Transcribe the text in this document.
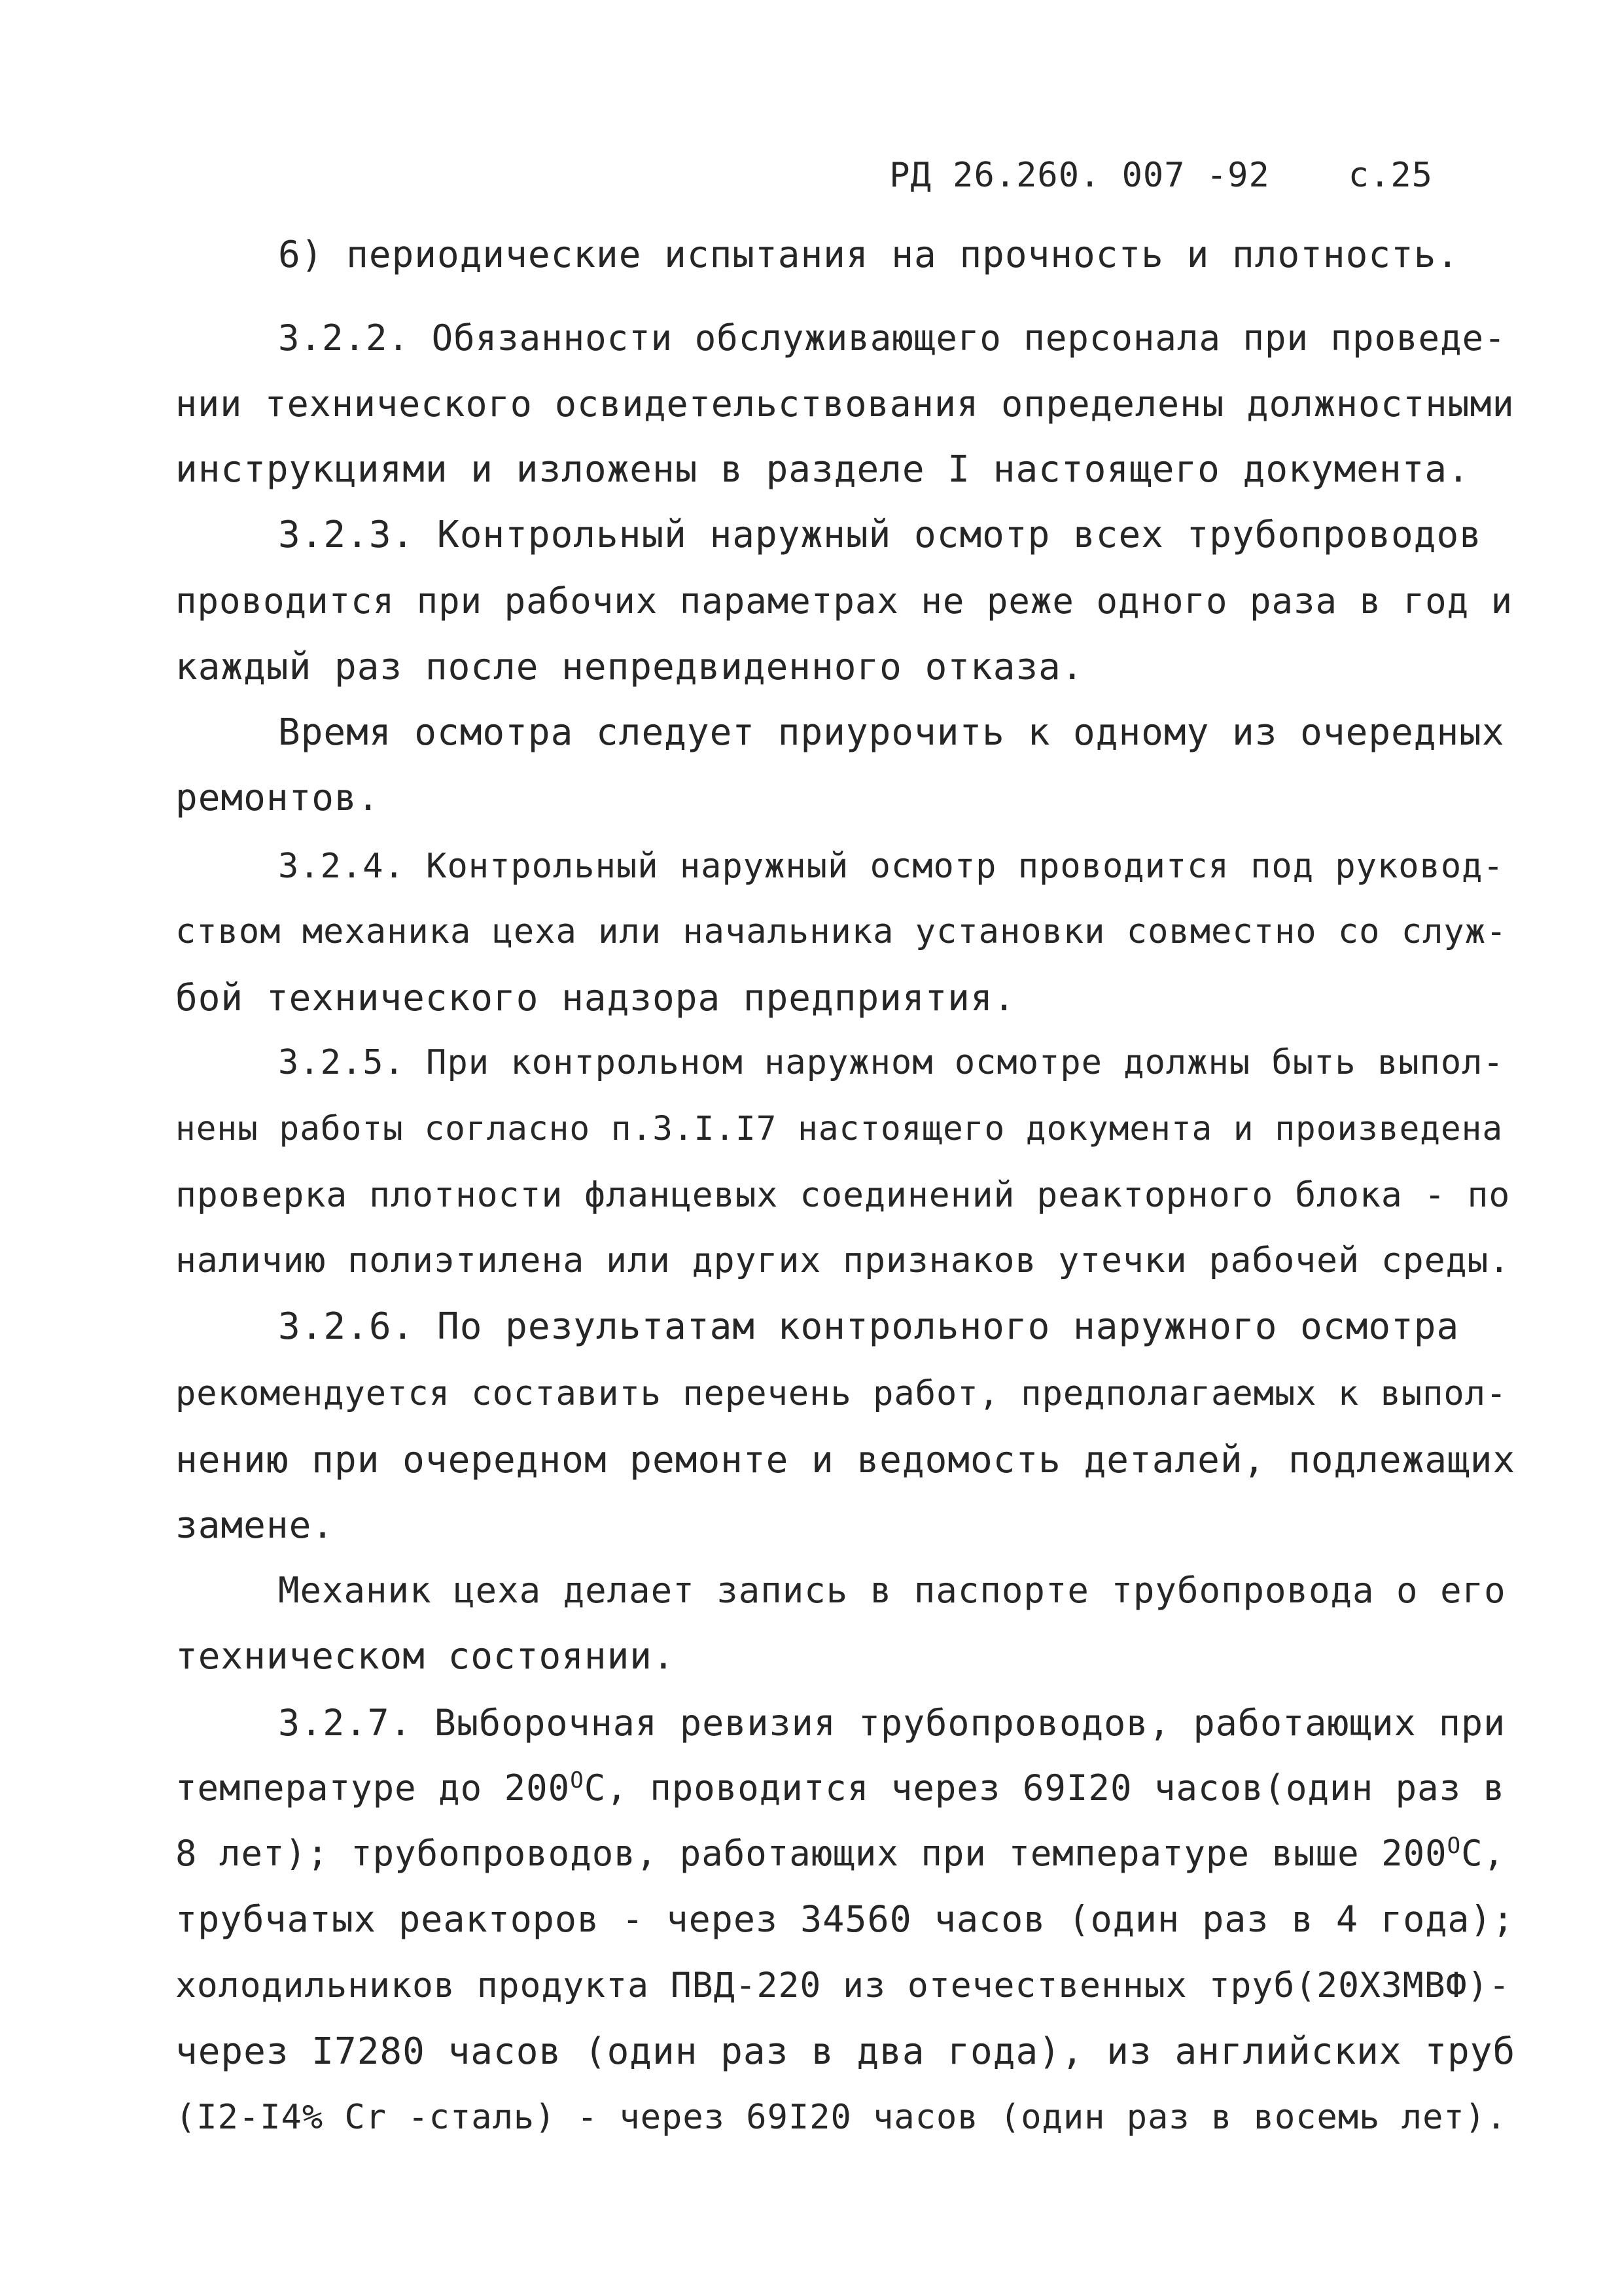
РД 26.260. 007 -92 с.25

6) периодические испытания на прочность и плотность.
3.2.2. Обязанности обслуживающего персонала при проведе-
нии технического освидетельствования определены должностными
инструкциями и изложены в разделе I настоящего документа.
3.2.3. Контрольный наружный осмотр всех трубопроводов
проводится при рабочих параметрах не реже одного раза в год и
каждый раз после непредвиденного отказа.
Время осмотра следует приурочить к одному из очередных
ремонтов.
3.2.4. Контрольный наружный осмотр проводится под руковод-
ством механика цеха или начальника установки совместно со служ-
бой технического надзора предприятия.
3.2.5. При контрольном наружном осмотре должны быть выпол-
нены работы согласно п.3.I.I7 настоящего документа и произведена
проверка плотности фланцевых соединений реакторного блока - по
наличию полиэтилена или других признаков утечки рабочей среды.
3.2.6. По результатам контрольного наружного осмотра
рекомендуется составить перечень работ, предполагаемых к выпол-
нению при очередном ремонте и ведомость деталей, подлежащих
замене.
Механик цеха делает запись в паспорте трубопровода о его
техническом состоянии.
3.2.7. Выборочная ревизия трубопроводов, работающих при
температуре до $200^ОС$, проводится через 69I20 часов(один раз в
8 лет); трубопроводов, работающих при температуре выше $200^ОС$,
трубчатых реакторов - через 34560 часов (один раз в 4 года);
холодильников продукта ПВД-220 из отечественных труб(20Х3МВФ)-
через I7280 часов (один раз в два года), из английских труб
(I2-I4% Cr -сталь) - через 69I20 часов (один раз в восемь лет).
